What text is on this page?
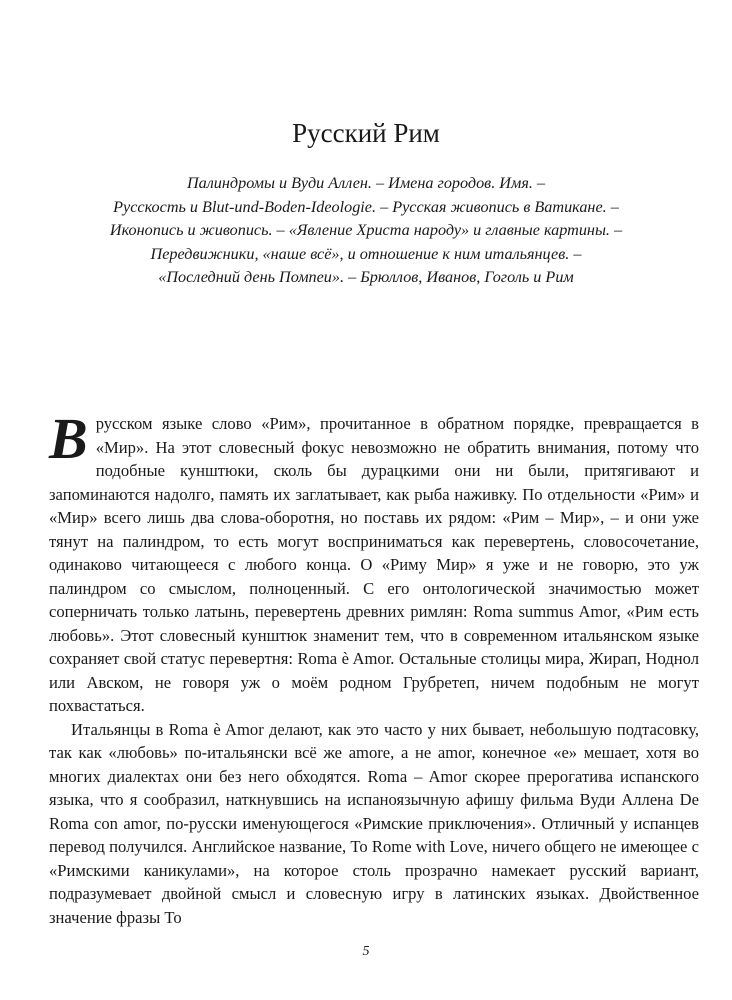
Русский Рим
Палиндромы и Вуди Аллен. – Имена городов. Имя. –
Русскость и Blut-und-Boden-Ideologie. – Русская живопись в Ватикане. –
Иконопись и живопись. – «Явление Христа народу» и главные картины. –
Передвижники, «наше всё», и отношение к ним итальянцев. –
«Последний день Помпеи». – Брюллов, Иванов, Гоголь и Рим

В русском языке слово «Рим», прочитанное в обратном порядке, превращается в «Мир». На этот словесный фокус невозможно не обратить внимания, потому что подобные кунштюки, сколь бы дурацкими они ни были, притягивают и запоминаются надолго, память их заглатывает, как рыба наживку. По отдельности «Рим» и «Мир» всего лишь два слова-оборотня, но поставь их рядом: «Рим – Мир», – и они уже тянут на палиндром, то есть могут восприниматься как перевертень, словосочетание, одинаково читающееся с любого конца. О «Риму Мир» я уже и не говорю, это уж палиндром со смыслом, полноценный. С его онтологической значимостью может соперничать только латынь, перевертень древних римлян: Roma summus Amor, «Рим есть любовь». Этот словесный кунштюк знаменит тем, что в современном итальянском языке сохраняет свой статус перевертня: Roma è Amor. Остальные столицы мира, Жирап, Ноднол или Авском, не говоря уж о моём родном Грубретеп, ничем подобным не могут похвастаться.

Итальянцы в Roma è Amor делают, как это часто у них бывает, небольшую подтасовку, так как «любовь» по-итальянски всё же amore, а не amor, конечное «е» мешает, хотя во многих диалектах они без него обходятся. Roma – Amor скорее прерогатива испанского языка, что я сообразил, наткнувшись на испаноязычную афишу фильма Вуди Аллена De Roma con amor, по-русски именующегося «Римские приключения». Отличный у испанцев перевод получился. Английское название, To Rome with Love, ничего общего не имеющее с «Римскими каникулами», на которое столь прозрачно намекает русский вариант, подразумевает двойной смысл и словесную игру в латинских языках. Двойственное значение фразы To

5
